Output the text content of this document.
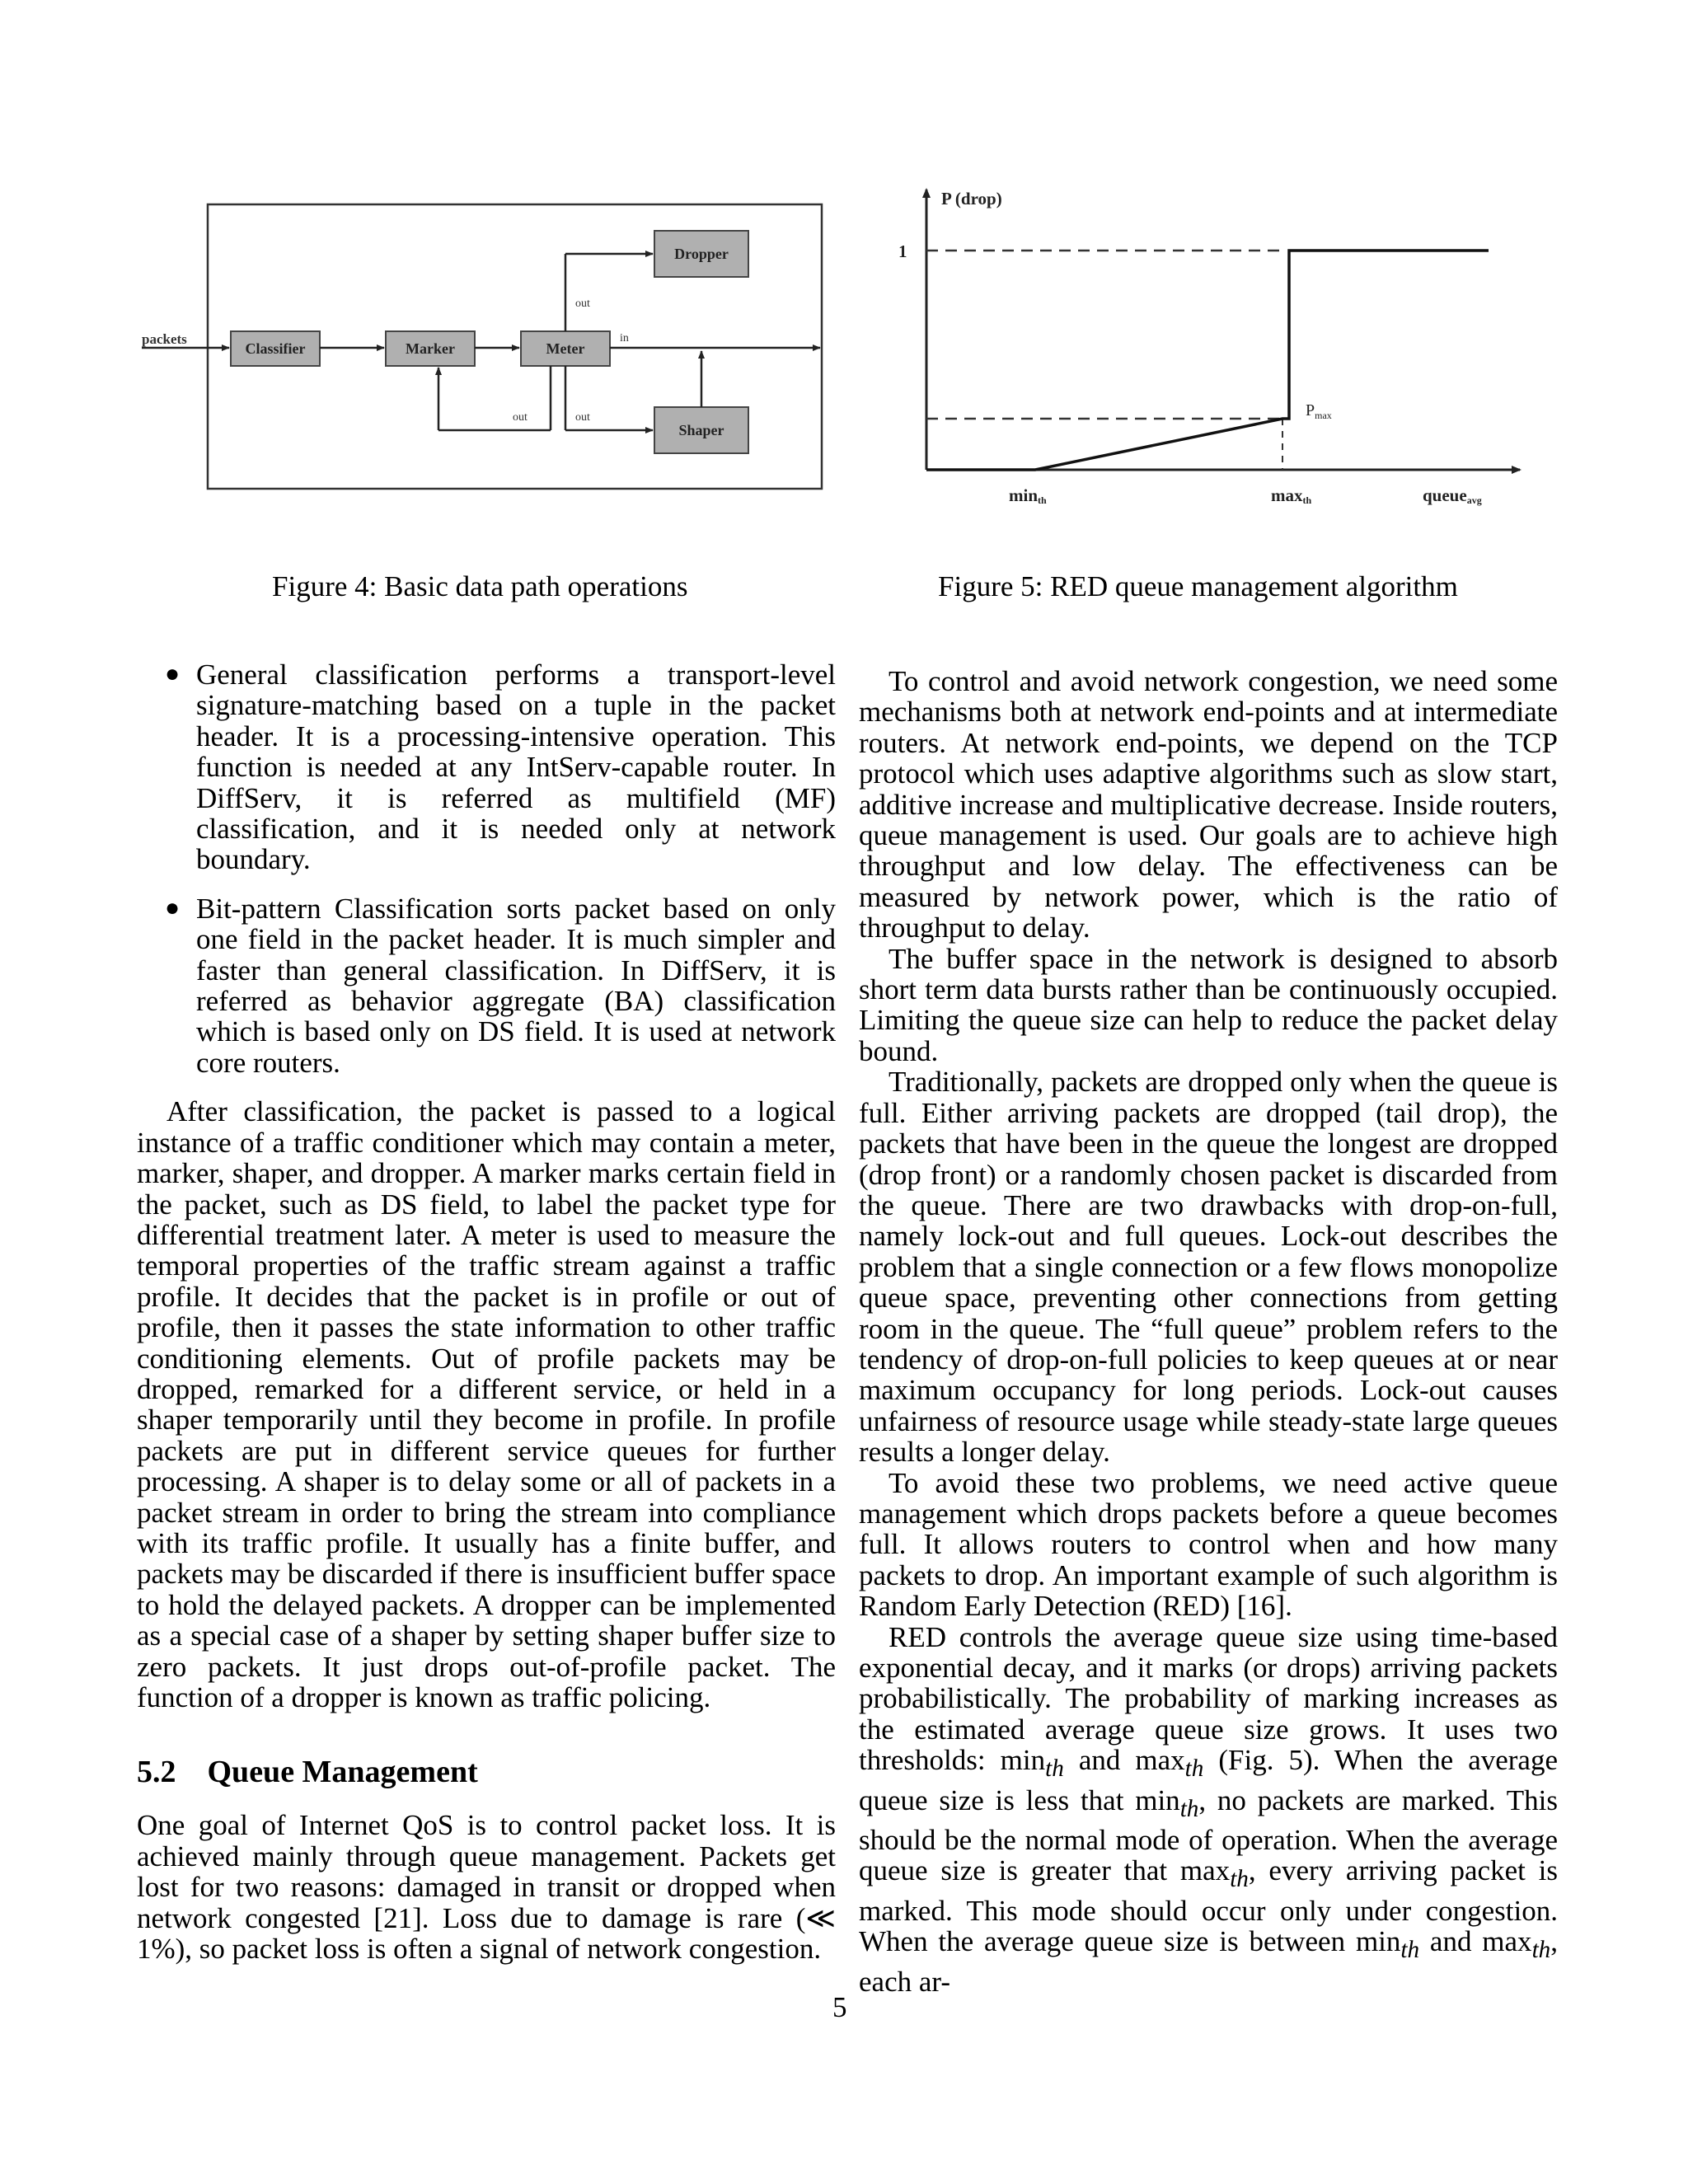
packets
Classifier	Marker	Meter
in
out
Dropper
out
Shaper
out
P (drop)
1
$P_{max}$
minth	maxth	queueavg
Figure 4: Basic data path operations	Figure 5: RED queue management algorithm
● General classification performs a transport-level signature-matching based on a tuple in the packet header. It is a processing-intensive operation. This function is needed at any IntServ-capable router. In DiffServ, it is referred as multifield (MF) classification, and it is needed only at network boundary.
● Bit-pattern Classification sorts packet based on only one field in the packet header. It is much simpler and faster than general classification. In DiffServ, it is referred as behavior aggregate (BA) classification which is based only on DS field. It is used at network core routers.

After classification, the packet is passed to a logical instance of a traffic conditioner which may contain a meter, marker, shaper, and dropper. A marker marks certain field in the packet, such as DS field, to label the packet type for differential treatment later. A meter is used to measure the temporal properties of the traffic stream against a traffic profile. It decides that the packet is in profile or out of profile, then it passes the state information to other traffic conditioning elements. Out of profile packets may be dropped, remarked for a different service, or held in a shaper temporarily until they become in profile. In profile packets are put in different service queues for further processing. A shaper is to delay some or all of packets in a packet stream in order to bring the stream into compliance with its traffic profile. It usually has a finite buffer, and packets may be discarded if there is insufficient buffer space to hold the delayed packets. A dropper can be implemented as a special case of a shaper by setting shaper buffer size to zero packets. It just drops out-of-profile packet. The function of a dropper is known as traffic policing.

5.2 Queue Management

One goal of Internet QoS is to control packet loss. It is achieved mainly through queue management. Packets get lost for two reasons: damaged in transit or dropped when network congested [21]. Loss due to damage is rare (≪ 1%), so packet loss is often a signal of network congestion.

To control and avoid network congestion, we need some mechanisms both at network end-points and at intermediate routers. At network end-points, we depend on the TCP protocol which uses adaptive algorithms such as slow start, additive increase and multiplicative decrease. Inside routers, queue management is used. Our goals are to achieve high throughput and low delay. The effectiveness can be measured by network power, which is the ratio of throughput to delay.

The buffer space in the network is designed to absorb short term data bursts rather than be continuously occupied. Limiting the queue size can help to reduce the packet delay bound.

Traditionally, packets are dropped only when the queue is full. Either arriving packets are dropped (tail drop), the packets that have been in the queue the longest are dropped (drop front) or a randomly chosen packet is discarded from the queue. There are two drawbacks with drop-on-full, namely lock-out and full queues. Lock-out describes the problem that a single connection or a few flows monopolize queue space, preventing other connections from getting room in the queue. The “full queue” problem refers to the tendency of drop-on-full policies to keep queues at or near maximum occupancy for long periods. Lock-out causes unfairness of resource usage while steady-state large queues results a longer delay.

To avoid these two problems, we need active queue management which drops packets before a queue becomes full. It allows routers to control when and how many packets to drop. An important example of such algorithm is Random Early Detection (RED) [16].

RED controls the average queue size using time-based exponential decay, and it marks (or drops) arriving packets probabilistically. The probability of marking increases as the estimated average queue size grows. It uses two thresholds: $\min_{th}$ and $\max_{th} (Fig$. 5). When the average queue size is less that $\min_{th}$, no packets are marked. This should be the normal mode of operation. When the average queue size is greater that $\max_{th}$, every arriving packet is marked. This mode should occur only under congestion. When the average queue size is between $\min_{th}$ and $\max_{th}$, each ar-

5
